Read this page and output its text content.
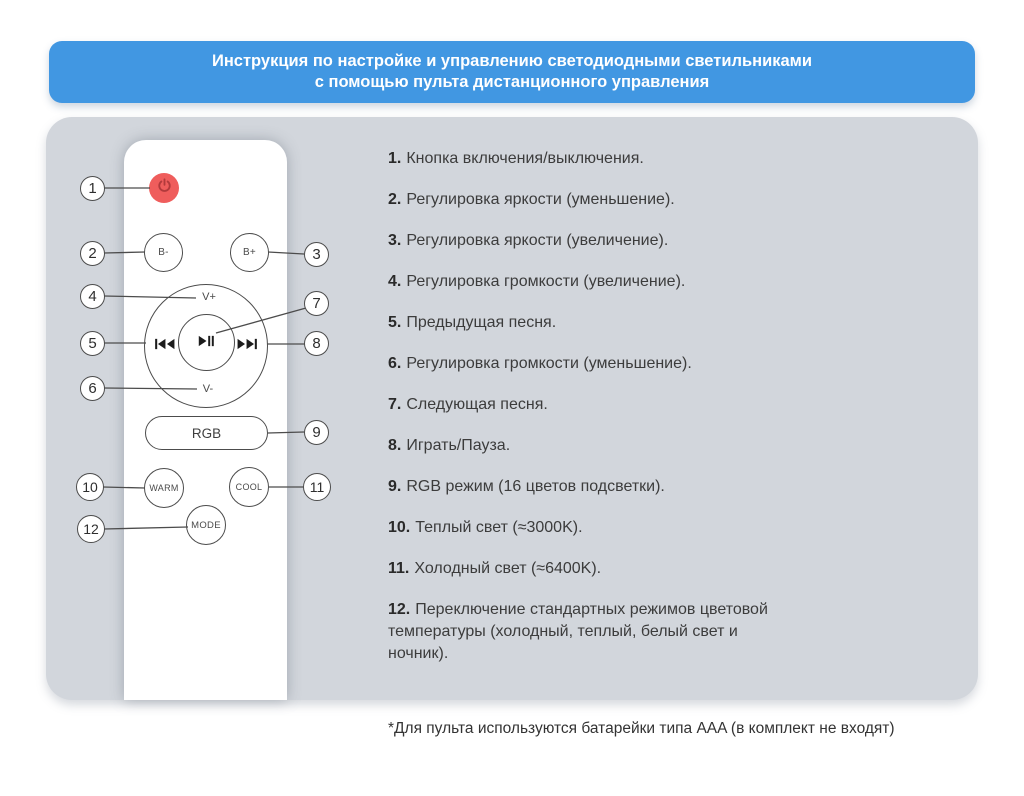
Инструкция по настройке и управлению светодиодными светильниками
с помощью пульта дистанционного управления
B-	B+
V+
V-
RGB
WARM	COOL
MODE
1
2	3
4
5
6
7
8
9
10	11
12
1. Кнопка включения/выключения.
2. Регулировка яркости (уменьшение).
3. Регулировка яркости (увеличение).
4. Регулировка громкости (увеличение).
5. Предыдущая песня.
6. Регулировка громкости (уменьшение).
7. Следующая песня.
8. Играть/Пауза.
9. RGB режим (16 цветов подсветки).
10. Теплый свет (≈3000K).
11. Холодный свет (≈6400K).
12. Переключение стандартных режимов цветовой температуры (холодный, теплый, белый свет и ночник).
*Для пульта используются батарейки типа AAA (в комплект не входят)
